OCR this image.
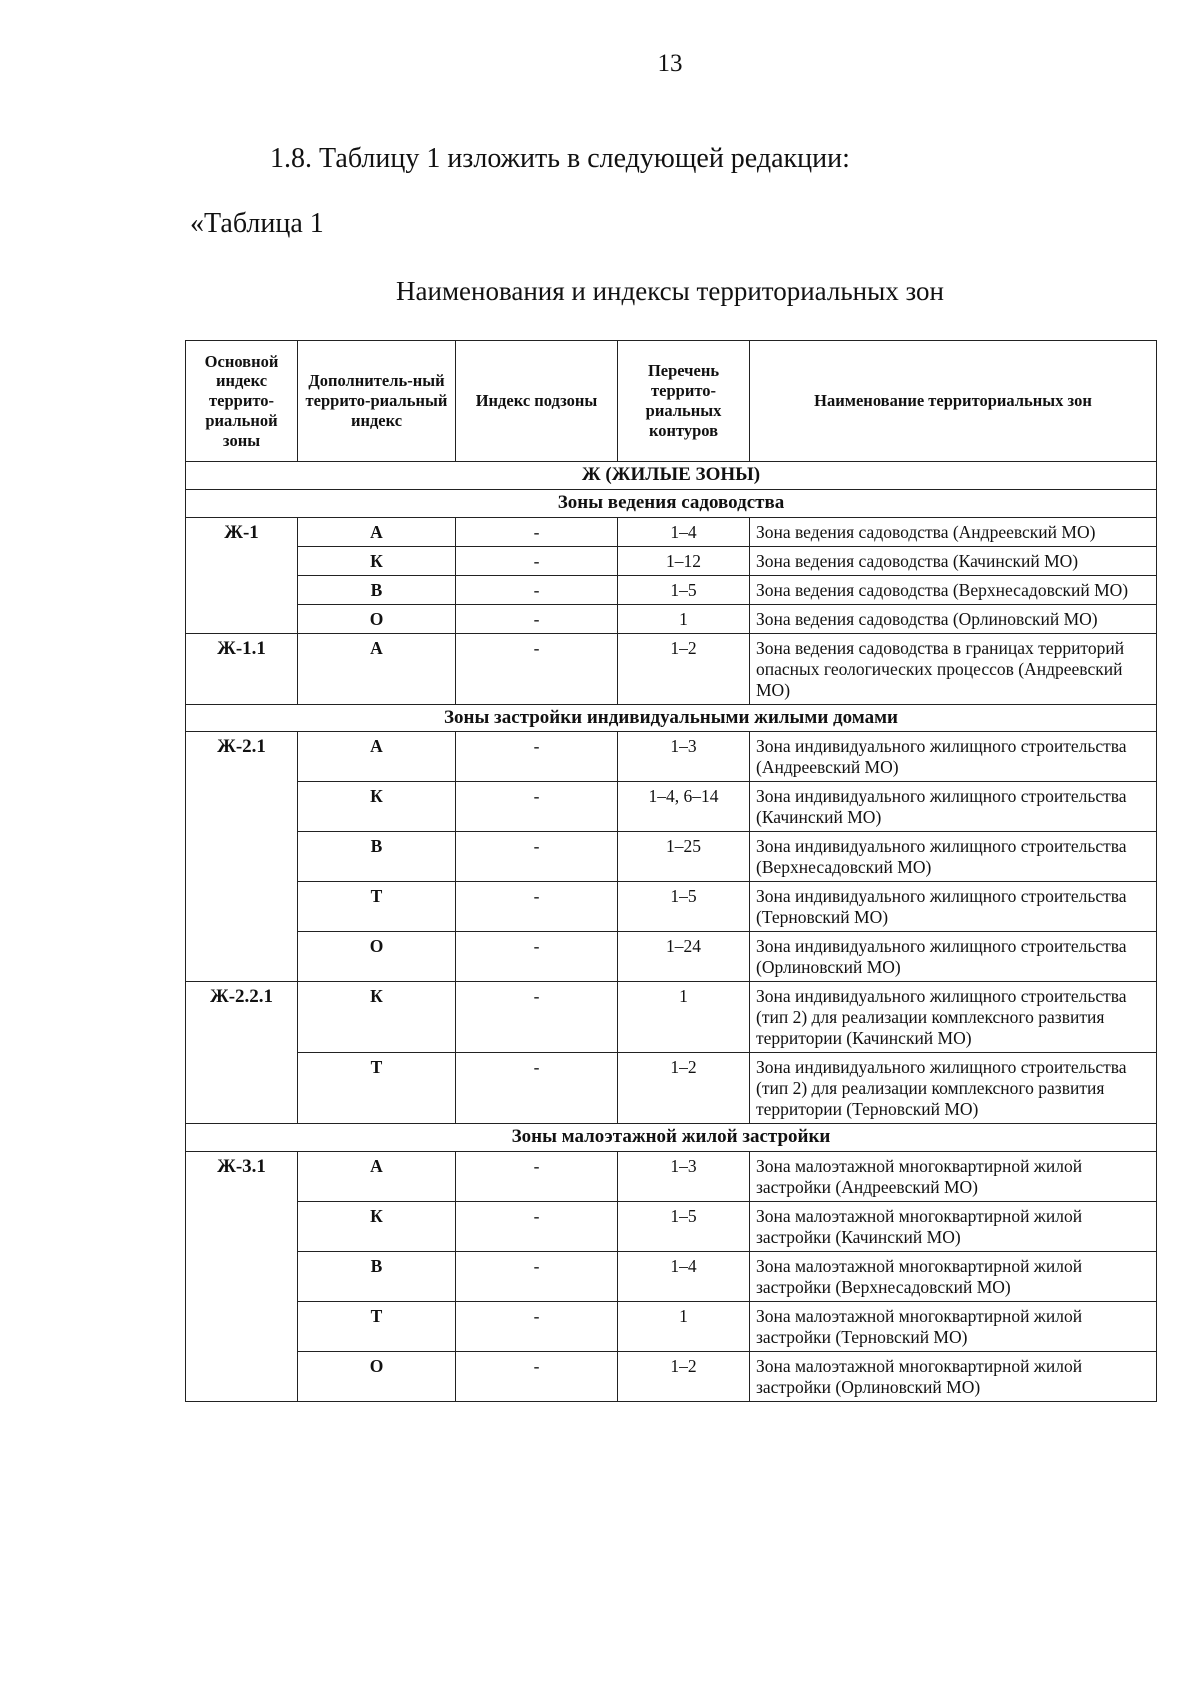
13
1.8. Таблицу 1 изложить в следующей редакции:
«Таблица 1
Наименования и индексы территориальных зон
Основной индекс террито-риальной зоны	Дополнитель-ный террито-риальный индекс	Индекс подзоны	Перечень террито-риальных контуров	Наименование территориальных зон
Ж (ЖИЛЫЕ ЗОНЫ)				
Зоны ведения садоводства				
Ж-1	А	-	1–4	Зона ведения садоводства (Андреевский МО)
	К	-	1–12	Зона ведения садоводства (Качинский МО)
	В	-	1–5	Зона ведения садоводства (Верхнесадовский МО)
	О	-	1	Зона ведения садоводства (Орлиновский МО)
Ж-1.1	А	-	1–2	Зона ведения садоводства в границах территорий опасных геологических процессов (Андреевский МО)
Зоны застройки индивидуальными жилыми домами				
Ж-2.1	А	-	1–3	Зона индивидуального жилищного строительства (Андреевский МО)
	К	-	1–4, 6–14	Зона индивидуального жилищного строительства (Качинский МО)
	В	-	1–25	Зона индивидуального жилищного строительства (Верхнесадовский МО)
	Т	-	1–5	Зона индивидуального жилищного строительства (Терновский МО)
	О	-	1–24	Зона индивидуального жилищного строительства (Орлиновский МО)
Ж-2.2.1	К	-	1	Зона индивидуального жилищного строительства (тип 2) для реализации комплексного развития территории (Качинский МО)
	Т	-	1–2	Зона индивидуального жилищного строительства (тип 2) для реализации комплексного развития территории (Терновский МО)
Зоны малоэтажной жилой застройки				
Ж-3.1	А	-	1–3	Зона малоэтажной многоквартирной жилой застройки (Андреевский МО)
	К	-	1–5	Зона малоэтажной многоквартирной жилой застройки (Качинский МО)
	В	-	1–4	Зона малоэтажной многоквартирной жилой застройки (Верхнесадовский МО)
	Т	-	1	Зона малоэтажной многоквартирной жилой застройки (Терновский МО)
	О	-	1–2	Зона малоэтажной многоквартирной жилой застройки (Орлиновский МО)
